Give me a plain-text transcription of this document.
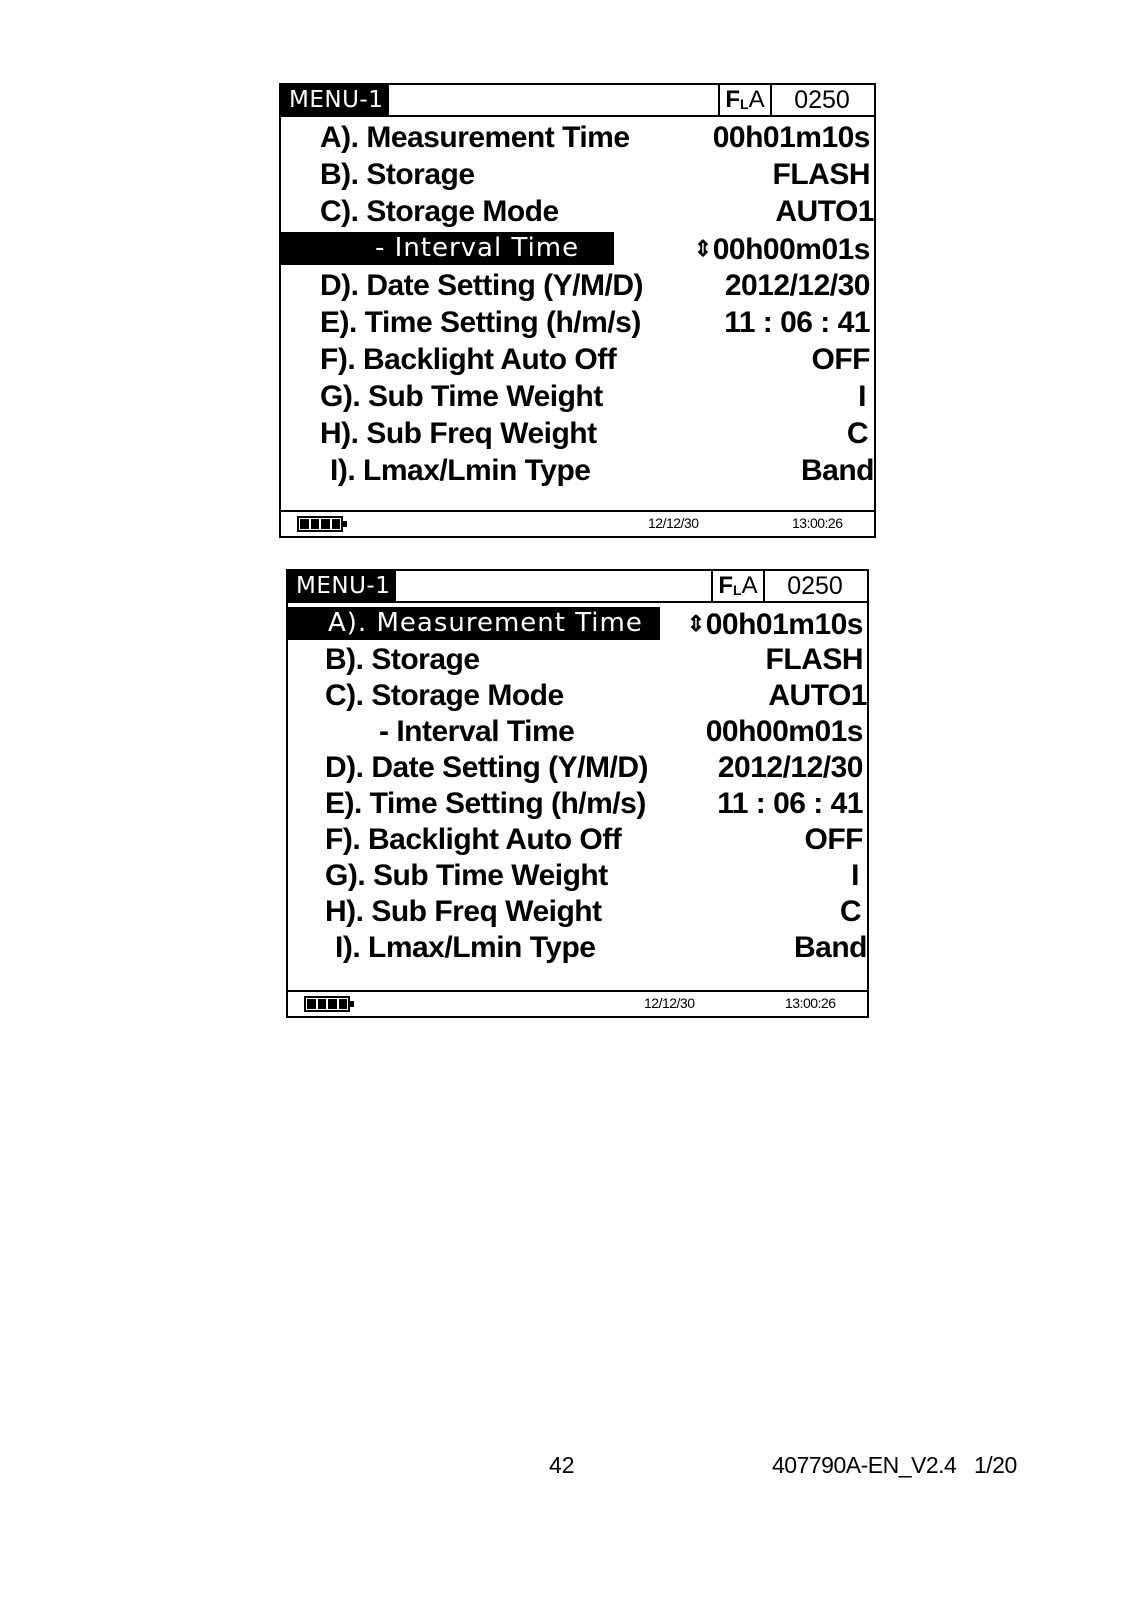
MENU-1	$F_LA$	0250
A). Measurement Time	00h01m10s
B). Storage	FLASH
C). Storage Mode	AUTO1
- Interval Time	⇕00h00m01s
D). Date Setting (Y/M/D)	2012/12/30
E). Time Setting (h/m/s)	11 : 06 : 41
F). Backlight Auto Off	OFF
G). Sub Time Weight	I
H). Sub Freq Weight	C
I). Lmax/Lmin Type	Band
12/12/30	13:00:26
MENU-1	$F_LA$	0250
A). Measurement Time	⇕00h01m10s
B). Storage	FLASH
C). Storage Mode	AUTO1
- Interval Time	00h00m01s
D). Date Setting (Y/M/D) 2012/12/30
E). Time Setting (h/m/s) 11 : 06 : 41
F). Backlight Auto Off	OFF
G). Sub Time Weight	I
H). Sub Freq Weight	C
I). Lmax/Lmin Type	Band
12/12/30	13:00:26
42	407790A-EN_V2.4   1/20
